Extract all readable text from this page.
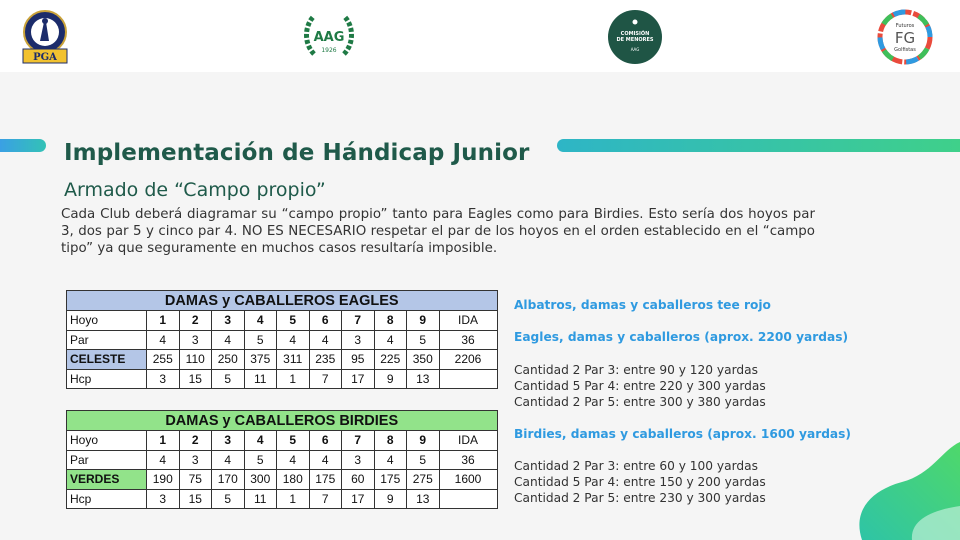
PGA
AAG
1926
COMISIÓN
DE MENORES
AAG
Futuros
FG
Golfistas
Implementación de Hándicap Junior
Armado de “Campo propio”
Cada Club deberá diagramar su “campo propio” tanto para Eagles como para Birdies. Esto sería dos hoyos par 3, dos par 5 y cinco par 4. NO ES NECESARIO respetar el par de los hoyos en el orden establecido en el “campo tipo” ya que seguramente en muchos casos resultaría imposible.
DAMAS y CABALLEROS EAGLES										
Hoyo	1	2	3	4	5	6	7	8	9	IDA
Par	4	3	4	5	4	4	3	4	5	36
CELESTE	255	110	250	375	311	235	95	225	350	2206
Hcp	3	15	5	11	1	7	17	9	13	
DAMAS y CABALLEROS BIRDIES										
Hoyo	1	2	3	4	5	6	7	8	9	IDA
Par	4	3	4	5	4	4	3	4	5	36
VERDES	190	75	170	300	180	175	60	175	275	1600
Hcp	3	15	5	11	1	7	17	9	13	
Albatros, damas y caballeros tee rojo
Eagles, damas y caballeros (aprox. 2200 yardas)
Cantidad 2 Par 3: entre 90 y 120 yardas
Cantidad 5 Par 4: entre 220 y 300 yardas
Cantidad 2 Par 5: entre 300 y 380 yardas
Birdies, damas y caballeros (aprox. 1600 yardas)
Cantidad 2 Par 3: entre 60 y 100 yardas
Cantidad 5 Par 4: entre 150 y 200 yardas
Cantidad 2 Par 5: entre 230 y 300 yardas
